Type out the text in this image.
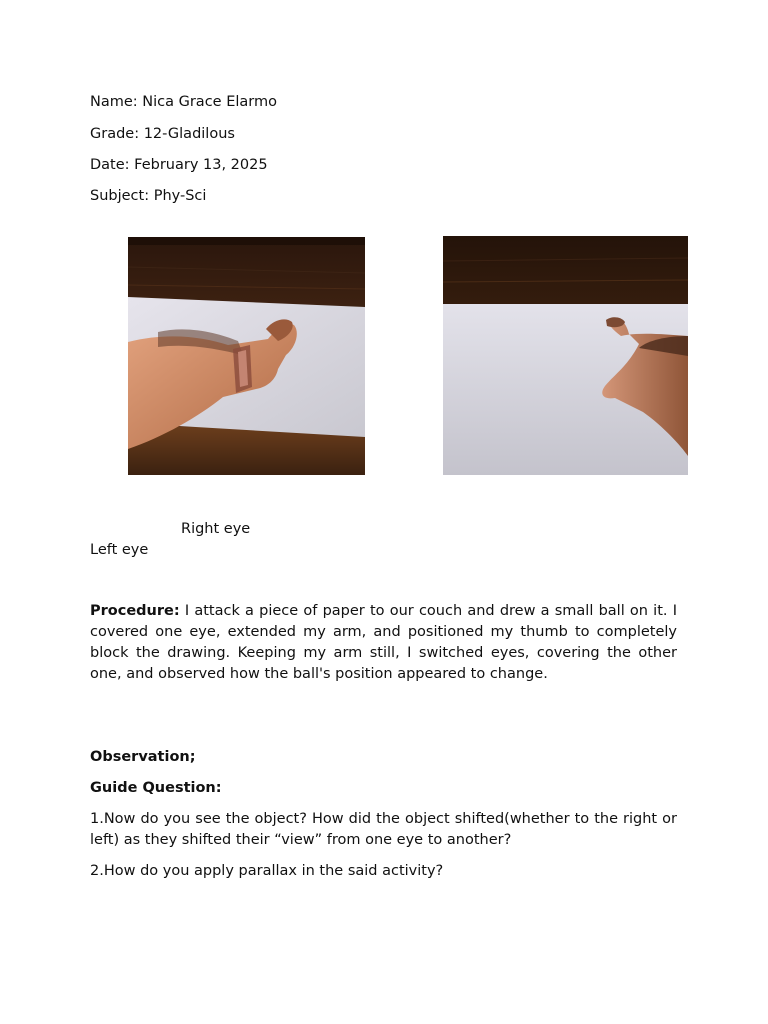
Name: Nica Grace Elarmo
Grade: 12-Gladilous
Date: February 13, 2025
Subject: Phy-Sci
Right eye
Left eye

Procedure: I attack a piece of paper to our couch and drew a small ball on it. I covered one eye, extended my arm, and positioned my thumb to completely block the drawing. Keeping my arm still, I switched eyes, covering the other one, and observed how the ball's position appeared to change.

Observation;
Guide Question:

1.Now do you see the object? How did the object shifted(whether to the right or left) as they shifted their “view” from one eye to another?

2.How do you apply parallax in the said activity?
